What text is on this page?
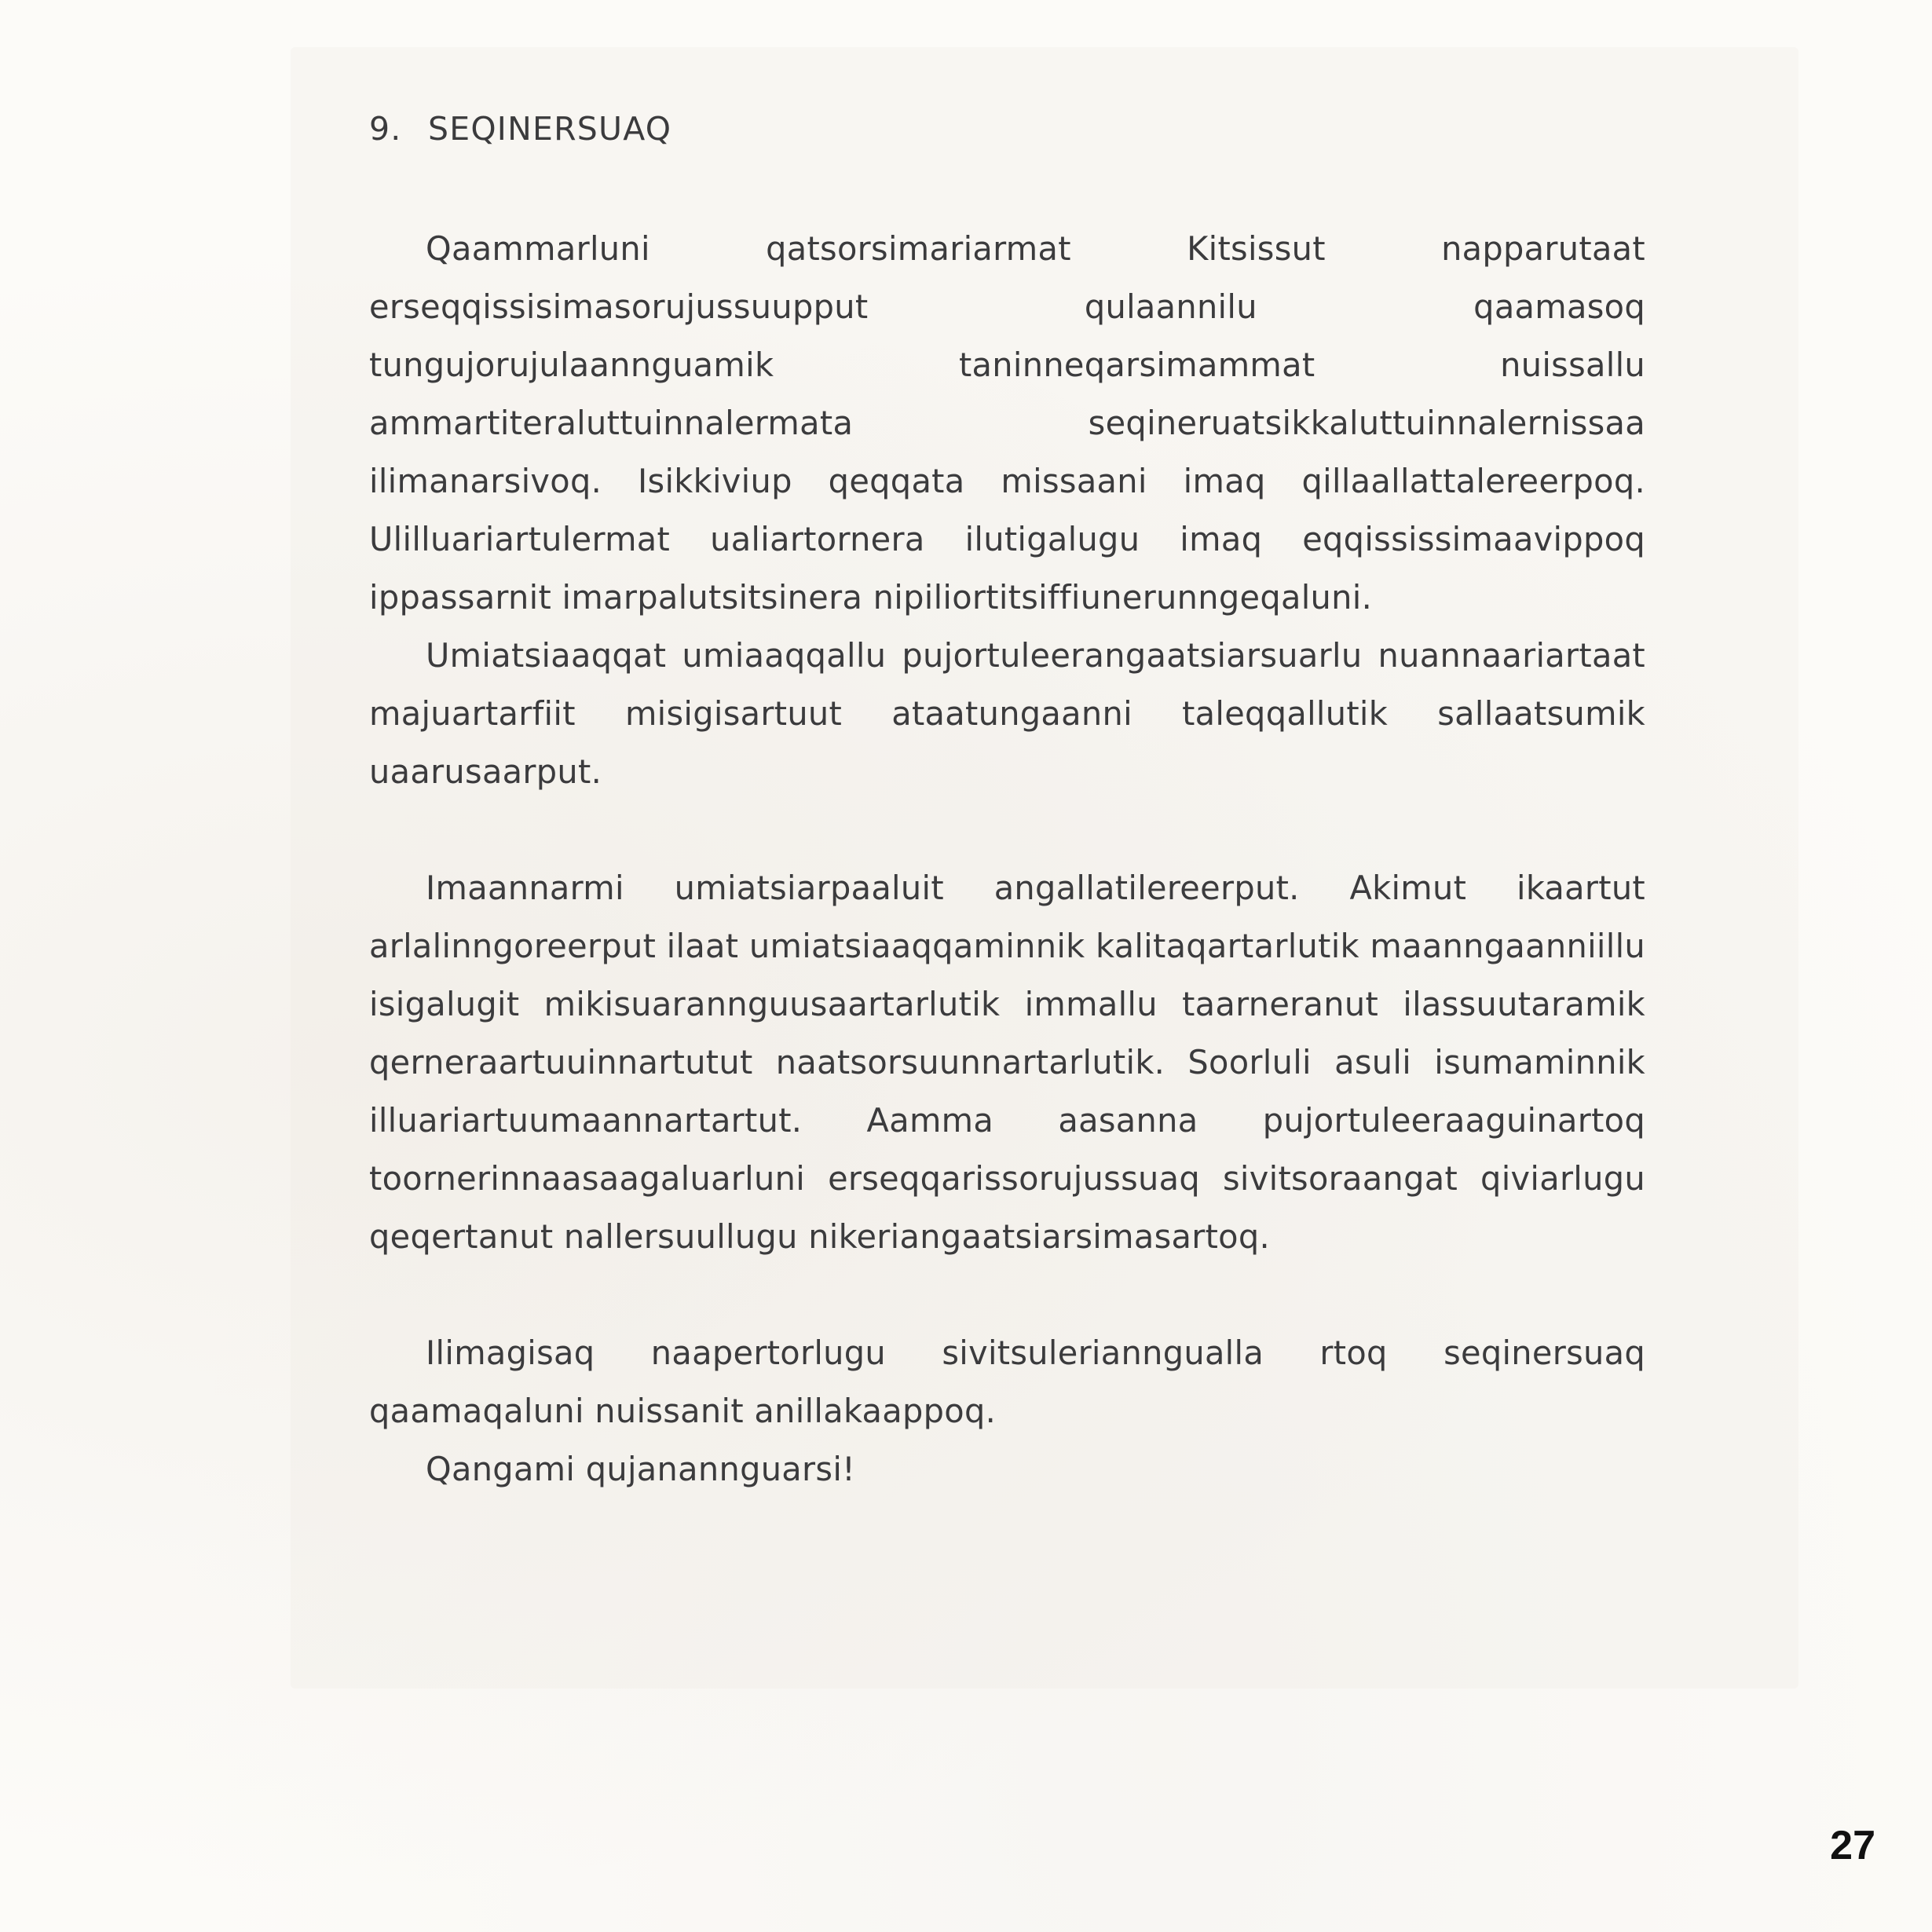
9. SEQINERSUAQ

Qaammarluni qatsorsimariarmat Kitsissut napparutaat erseqqissisimasorujussuupput qulaannilu qaamasoq tungujorujulaannguamik taninneqarsimammat nuissallu ammartiteraluttuinnalermata seqineruatsikkaluttuinnalernissaa ilimanarsivoq. Isikkiviup qeqqata missaani imaq qillaallattalereerpoq. Ulilluariartulermat ualiartornera ilutigalugu imaq eqqississimaavippoq ippassarnit imarpalutsitsinera nipiliortitsiffiunerunngeqaluni.

Umiatsiaaqqat umiaaqqallu pujortuleerangaatsiarsuarlu nuannaariartaat majuartarfiit misigisartuut ataatungaanni taleqqallutik sallaatsumik uaarusaarput.

Imaannarmi umiatsiarpaaluit angallatilereerput. Akimut ikaartut arlalinngoreerput ilaat umiatsiaaqqaminnik kalitaqartarlutik maanngaanniillu isigalugit mikisuarannguusaartarlutik immallu taarneranut ilassuutaramik qerneraartuuinnartutut naatsorsuunnartarlutik. Soorluli asuli isumaminnik illuariartuumaannartartut. Aamma aasanna pujortuleeraaguinartoq toornerinnaasaagaluarluni erseqqarissorujussuaq sivitsoraangat qiviarlugu qeqertanut nallersuullugu nikeriangaatsiarsimasartoq.

Ilimagisaq naapertorlugu sivitsulerianngualla rtoq seqinersuaq qaamaqaluni nuissanit anillakaappoq.

Qangami qujanannguarsi!

27
